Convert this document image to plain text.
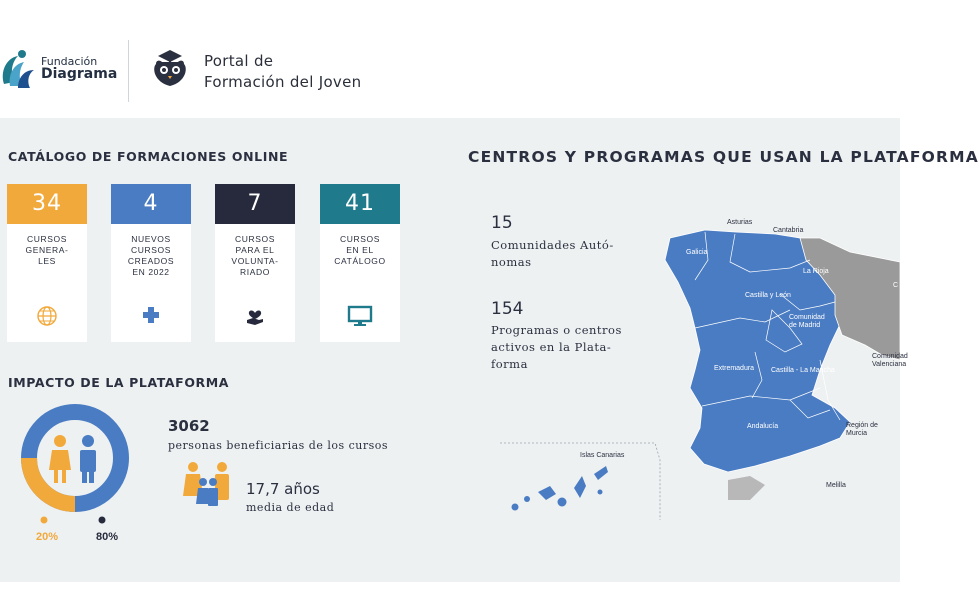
Fundación
Diagrama
Portal de
Formación del Joven
CATÁLOGO DE FORMACIONES ONLINE
34
CURSOS
GENERA-
LES
4
NUEVOS
CURSOS
CREADOS
EN 2022
7
CURSOS
PARA EL
VOLUNTA-
RIADO
41
CURSOS
EN EL
CATÁLOGO
IMPACTO DE LA PLATAFORMA
20%	80%
3062
personas beneficiarias de los cursos
17,7 años
media de edad
CENTROS Y PROGRAMAS QUE USAN LA PLATAFORMA
15
Comunidades Autó-
nomas
154
Programas o centros
activos en la Plata-
forma
Asturias
Cantabria
Galicia
La Rioja
Castilla y León
Comunidad
de Madrid
Extremadura Castilla - La Mancha
Comunidad
Valenciana
Andalucía	Región de
Murcia
Islas Canarias
Melilla
C
